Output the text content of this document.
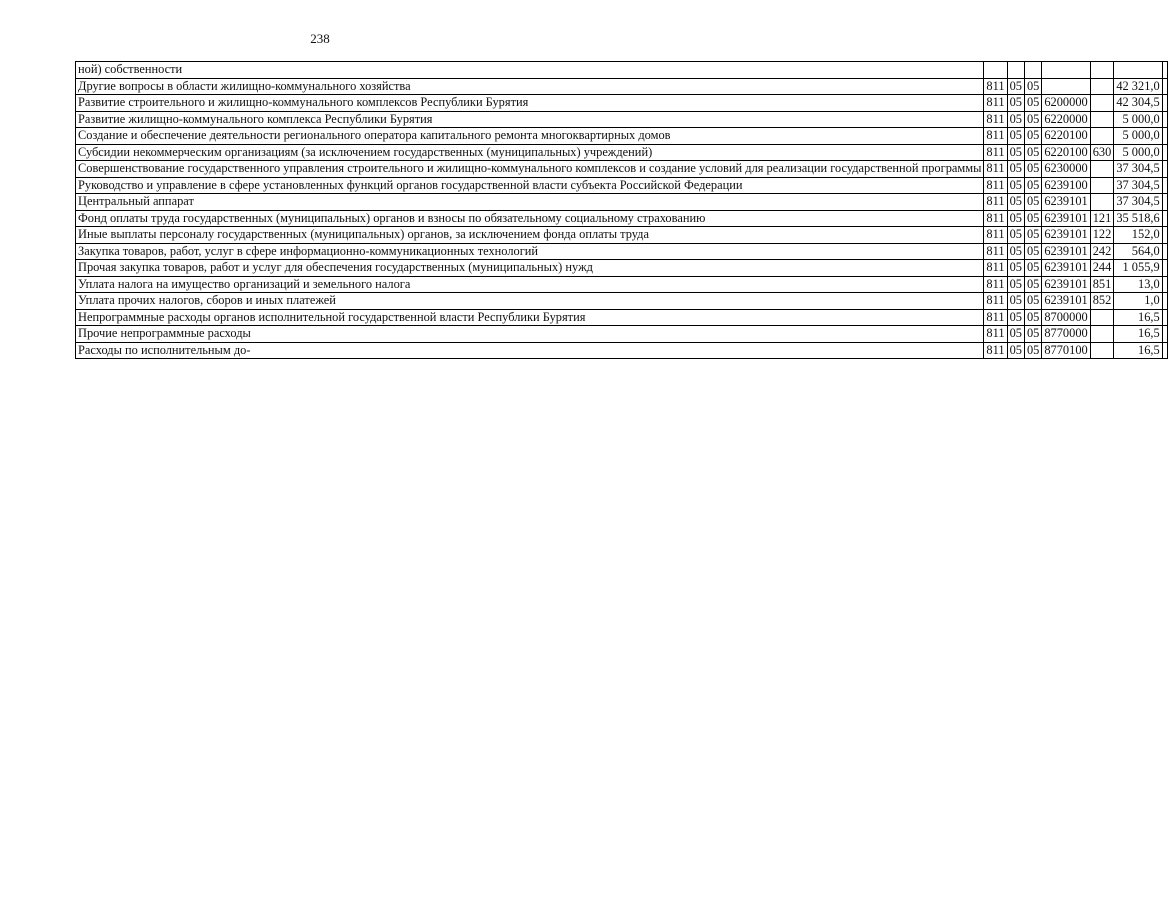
238
ной) собственности							
Другие вопросы в области жилищно-коммунального хозяйства	811	05	05			42 321,0	
Развитие строительного и жилищно-коммунального комплексов Республики Бурятия	811	05	05	6200000		42 304,5	
Развитие жилищно-коммунального комплекса Республики Бурятия	811	05	05	6220000		5 000,0	
Создание и обеспечение деятельности регионального оператора капитального ремонта многоквартирных домов	811	05	05	6220100		5 000,0	
Субсидии некоммерческим организациям (за исключением государственных (муниципальных) учреждений)	811	05	05	6220100	630	5 000,0	
Совершенствование государственного управления строительного и жилищно-коммунального комплексов и создание условий для реализации государственной программы	811	05	05	6230000		37 304,5	
Руководство и управление в сфере установленных функций органов государственной власти субъекта Российской Федерации	811	05	05	6239100		37 304,5	
Центральный аппарат	811	05	05	6239101		37 304,5	
Фонд оплаты труда государственных (муниципальных) органов и взносы по обязательному социальному страхованию	811	05	05	6239101	121	35 518,6	
Иные выплаты персоналу государственных (муниципальных) органов, за исключением фонда оплаты труда	811	05	05	6239101	122	152,0	
Закупка товаров, работ, услуг в сфере информационно-коммуникационных технологий	811	05	05	6239101	242	564,0	
Прочая закупка товаров, работ и услуг для обеспечения государственных (муниципальных) нужд	811	05	05	6239101	244	1 055,9	
Уплата налога на имущество организаций и земельного налога	811	05	05	6239101	851	13,0	
Уплата прочих налогов, сборов и иных платежей	811	05	05	6239101	852	1,0	
Непрограммные расходы органов исполнительной государственной власти Республики Бурятия	811	05	05	8700000		16,5	
Прочие непрограммные расходы	811	05	05	8770000		16,5	
Расходы по исполнительным до-	811	05	05	8770100		16,5	
